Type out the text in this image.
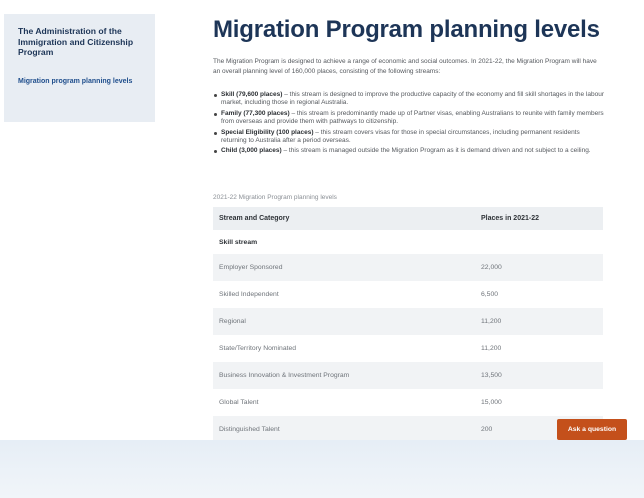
The Administration of the Immigration and Citizenship Program
Migration program planning levels
Migration Program planning levels

The Migration Program is designed to achieve a range of economic and social outcomes. In 2021-22, the Migration Program will have an overall planning level of 160,000 places, consisting of the following streams:

Skill (79,600 places) – this stream is designed to improve the productive capacity of the economy and fill skill shortages in the labour market, including those in regional Australia.
Family (77,300 places) – this stream is predominantly made up of Partner visas, enabling Australians to reunite with family members from overseas and provide them with pathways to citizenship.
Special Eligibility (100 places) – this stream covers visas for those in special circumstances, including permanent residents returning to Australia after a period overseas.
Child (3,000 places) – this stream is managed outside the Migration Program as it is demand driven and not subject to a ceiling.
2021-22 Migration Program planning levels
Stream and Category	Places in 2021-22
Skill stream	
Employer Sponsored	22,000
Skilled Independent	6,500
Regional	11,200
State/Territory Nominated	11,200
Business Innovation & Investment Program	13,500
Global Talent	15,000
Distinguished Talent	200	Ask a question
